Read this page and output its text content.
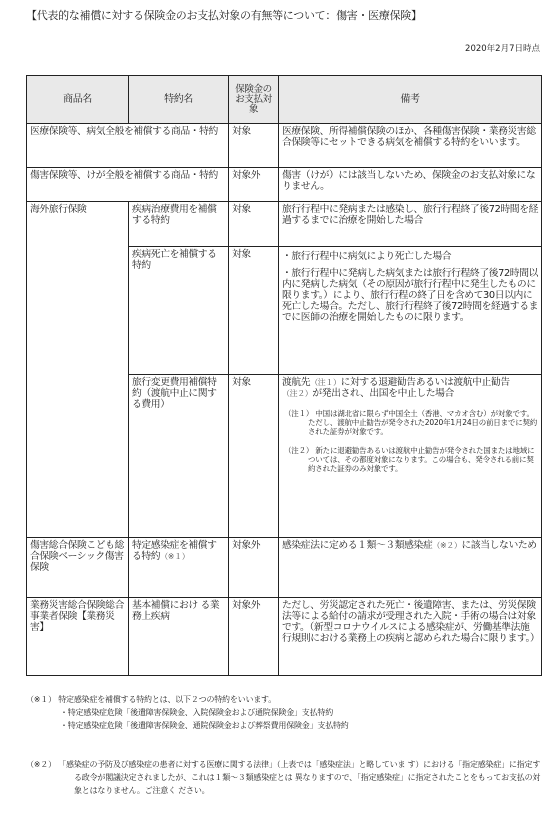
【代表的な補償に対する保険金のお支払対象の有無等について：傷害・医療保険】
2020年2月7日時点
商品名	特約名	保険金のお支払対象	備考
医療保険等、病気全般を補償する商品・特約		対象	医療保険、所得補償保険のほか、各種傷害保険・業務災害総合保険等にセットできる病気を補償する特約をいいます。
傷害保険等、けが全般を補償する商品・特約		対象外	傷害（けが）には該当しないため、保険金のお支払対象になりません。
海外旅行保険	疾病治療費用を補償する特約	対象	旅行行程中に発病または感染し、旅行行程終了後72時間を経過するまでに治療を開始した場合
	疾病死亡を補償する特約	対象	・旅行行程中に病気により死亡した場合
・旅行行程中に発病した病気または旅行行程終了後72時間以内に発病した病気（その原因が旅行行程中に発生したものに限ります。）により、旅行行程の終了日を含めて30日以内に死亡した場合。ただし、旅行行程終了後72時間を経過するまでに医師の治療を開始したものに限ります。

	旅行変更費用補償特約（渡航中止に関する費用）	対象	渡航先（注１）に対する退避勧告あるいは渡航中止勧告（注２）が発出され、出国を中止した場合
（注１） 中国は湖北省に限らず中国全土（香港、マカオ含む）が対象です。ただし、渡航中止勧告が発令された2020年1月24日の前日までに契約された証券が対象です。
（注２） 新たに退避勧告あるいは渡航中止勧告が発令された国または地域については、その都度対象になります。この場合も、発令される前に契約された証券のみ対象です。

傷害総合保険こども総合保険ベーシック傷害保険	特定感染症を補償する特約（※１）	対象外	感染症法に定める１類～３類感染症（※２）に該当しないため
業務災害総合保険総合事業者保険【業務災害】	基本補償におけ る業務上疾病	対象外	ただし、労災認定された死亡・後遺障害、または、労災保険法等による給付の請求が受理された入院・手術の場合は対象です。（新型コロナウイルスによる感染症が、労働基準法施行規則における業務上の疾病と認められた場合に限ります。）
（※１） 特定感染症を補償する特約とは、以下２つの特約をいいます。
・特定感染症危険「後遺障害保険金、入院保険金および通院保険金」支払特約
・特定感染症危険「後遺障害保険金、通院保険金および葬祭費用保険金」支払特約
（※２） 「感染症の予防及び感染症の患者に対する医療に関する法律」（上表では「感染症法」と略していま す）における「指定感染症」に指定する政令が閣議決定されましたが、これは１類～３類感染症とは 異なりますので、「指定感染症」に指定されたことをもってお支払の対象とはなりません。ご注意く ださい。
